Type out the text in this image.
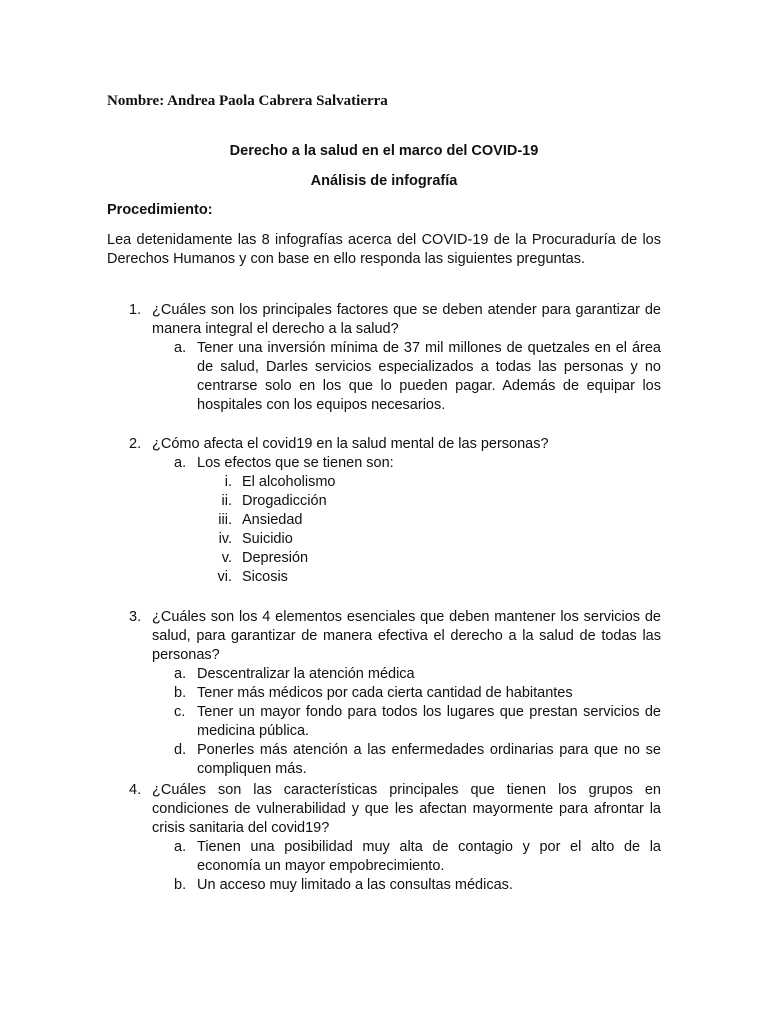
Nombre: Andrea Paola Cabrera Salvatierra
Derecho a la salud en el marco del COVID-19
Análisis de infografía
Procedimiento:
Lea detenidamente las 8 infografías acerca del COVID-19 de la Procuraduría de los Derechos Humanos y con base en ello responda las siguientes preguntas.
1. ¿Cuáles son los principales factores que se deben atender para garantizar de manera integral el derecho a la salud?
a. Tener una inversión mínima de 37 mil millones de quetzales en el área de salud, Darles servicios especializados a todas las personas y no centrarse solo en los que lo pueden pagar. Además de equipar los hospitales con los equipos necesarios.
2. ¿Cómo afecta el covid19 en la salud mental de las personas?
a. Los efectos que se tienen son:
i. El alcoholismo
ii. Drogadicción
iii. Ansiedad
iv. Suicidio
v. Depresión
vi. Sicosis
3. ¿Cuáles son los 4 elementos esenciales que deben mantener los servicios de salud, para garantizar de manera efectiva el derecho a la salud de todas las personas?
a. Descentralizar la atención médica
b. Tener más médicos por cada cierta cantidad de habitantes
c. Tener un mayor fondo para todos los lugares que prestan servicios de medicina pública.
d. Ponerles más atención a las enfermedades ordinarias para que no se compliquen más.
4. ¿Cuáles son las características principales que tienen los grupos en condiciones de vulnerabilidad y que les afectan mayormente para afrontar la crisis sanitaria del covid19?
a. Tienen una posibilidad muy alta de contagio y por el alto de la economía un mayor empobrecimiento.
b. Un acceso muy limitado a las consultas médicas.
